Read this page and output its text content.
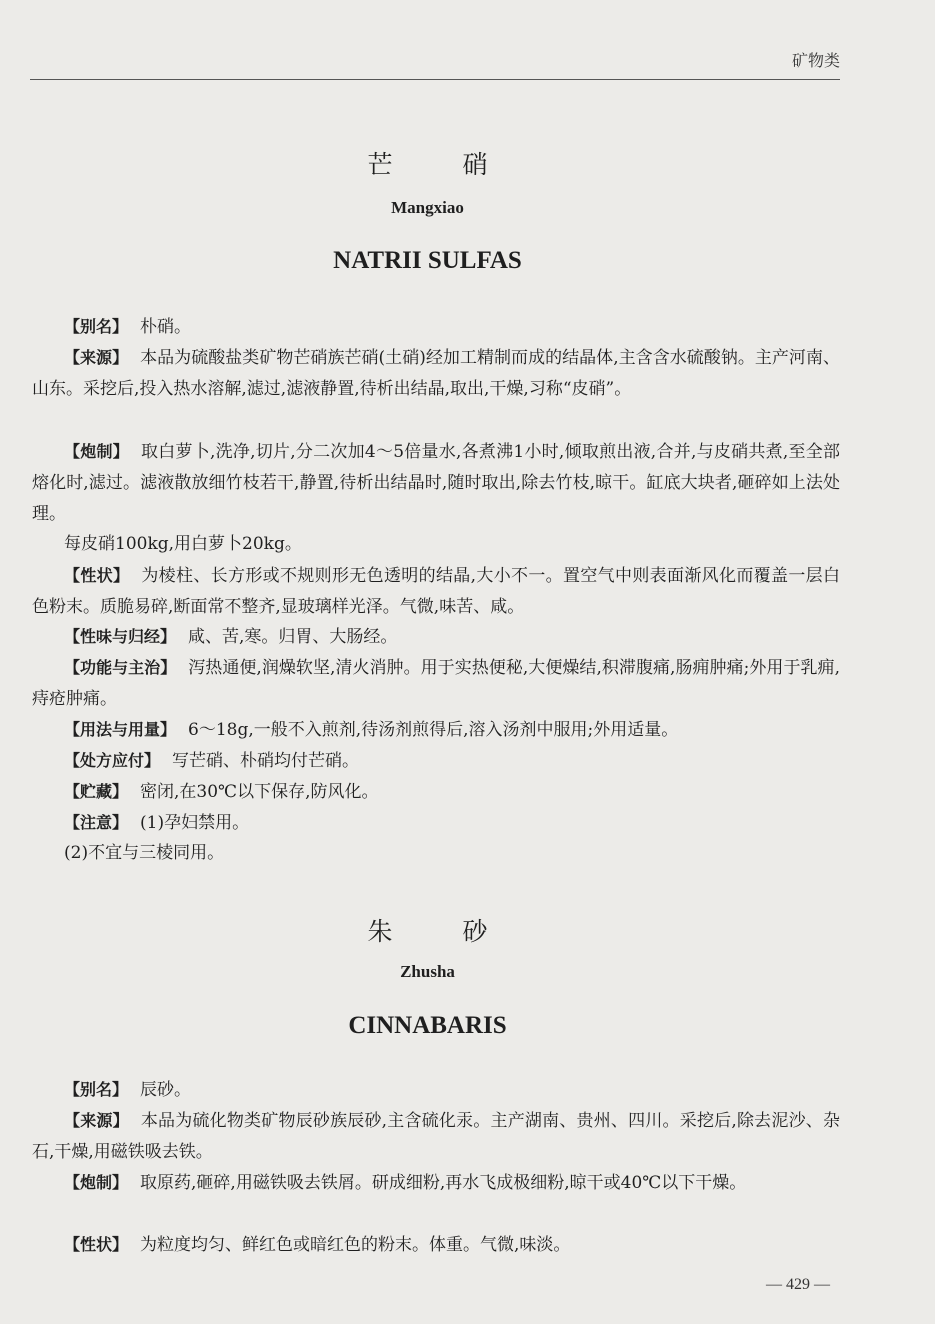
矿物类
芒硝
Mangxiao
NATRII SULFAS
【别名】 朴硝。
【来源】 本品为硫酸盐类矿物芒硝族芒硝(土硝)经加工精制而成的结晶体,主含含水硫酸钠。主产河南、山东。采挖后,投入热水溶解,滤过,滤液静置,待析出结晶,取出,干燥,习称“皮硝”。
【炮制】 取白萝卜,洗净,切片,分二次加4～5倍量水,各煮沸1小时,倾取煎出液,合并,与皮硝共煮,至全部熔化时,滤过。滤液散放细竹枝若干,静置,待析出结晶时,随时取出,除去竹枝,晾干。缸底大块者,砸碎如上法处理。
每皮硝100kg,用白萝卜20kg。
【性状】 为棱柱、长方形或不规则形无色透明的结晶,大小不一。置空气中则表面渐风化而覆盖一层白色粉末。质脆易碎,断面常不整齐,显玻璃样光泽。气微,味苦、咸。
【性味与归经】 咸、苦,寒。归胃、大肠经。
【功能与主治】 泻热通便,润燥软坚,清火消肿。用于实热便秘,大便燥结,积滞腹痛,肠痈肿痛;外用于乳痈,痔疮肿痛。
【用法与用量】 6～18g,一般不入煎剂,待汤剂煎得后,溶入汤剂中服用;外用适量。
【处方应付】 写芒硝、朴硝均付芒硝。
【贮藏】 密闭,在30℃以下保存,防风化。
【注意】 (1)孕妇禁用。
(2)不宜与三棱同用。
朱砂
Zhusha
CINNABARIS
【别名】 辰砂。
【来源】 本品为硫化物类矿物辰砂族辰砂,主含硫化汞。主产湖南、贵州、四川。采挖后,除去泥沙、杂石,干燥,用磁铁吸去铁。
【炮制】 取原药,砸碎,用磁铁吸去铁屑。研成细粉,再水飞成极细粉,晾干或40℃以下干燥。
【性状】 为粒度均匀、鲜红色或暗红色的粉末。体重。气微,味淡。
— 429 —
